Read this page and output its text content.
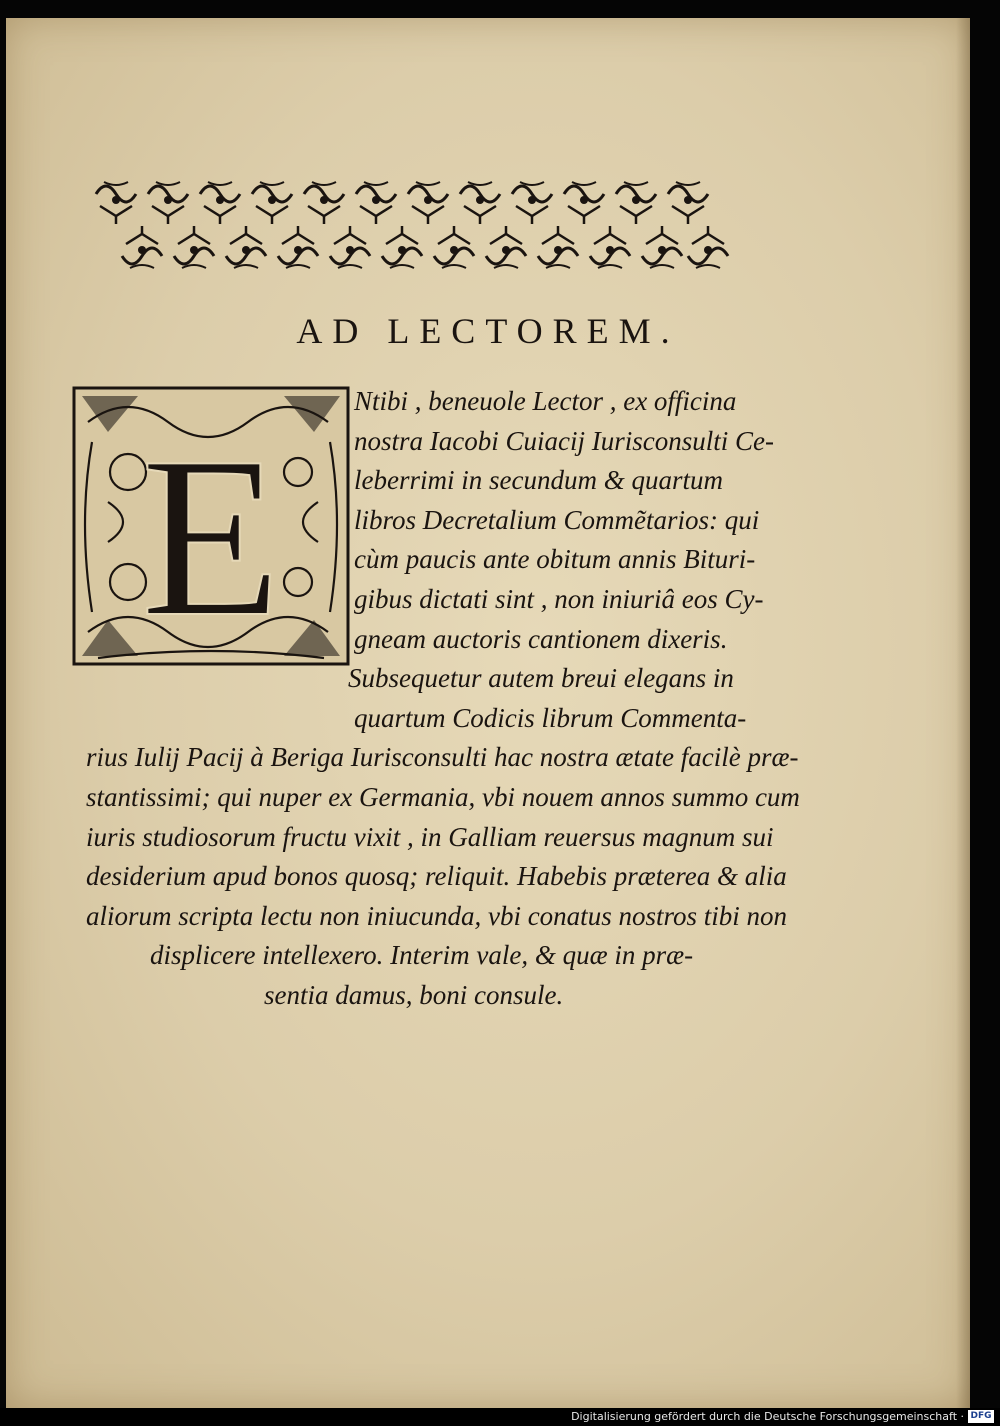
AD LECTOREM.
E
Ntibi , beneuole Lector , ex officina
nostra Iacobi Cuiacij Iurisconsulti Ce-
leberrimi in secundum & quartum
libros Decretalium Commẽtarios: qui
cùm paucis ante obitum annis Bituri-
gibus dictati sint , non iniuriâ eos Cy-
gneam auctoris cantionem dixeris.
Subsequetur autem breui elegans in
quartum Codicis librum Commenta-
rius Iulij Pacij à Beriga Iurisconsulti hac nostra ætate facilè præ-
stantissimi; qui nuper ex Germania, vbi nouem annos summo cum
iuris studiosorum fructu vixit , in Galliam reuersus magnum sui
desiderium apud bonos quosq; reliquit. Habebis præterea & alia
aliorum scripta lectu non iniucunda, vbi conatus nostros tibi non
displicere intellexero. Interim vale, & quæ in præ-
sentia damus, boni consule.
Digitalisierung gefördert durch die Deutsche Forschungsgemeinschaft · DFG
